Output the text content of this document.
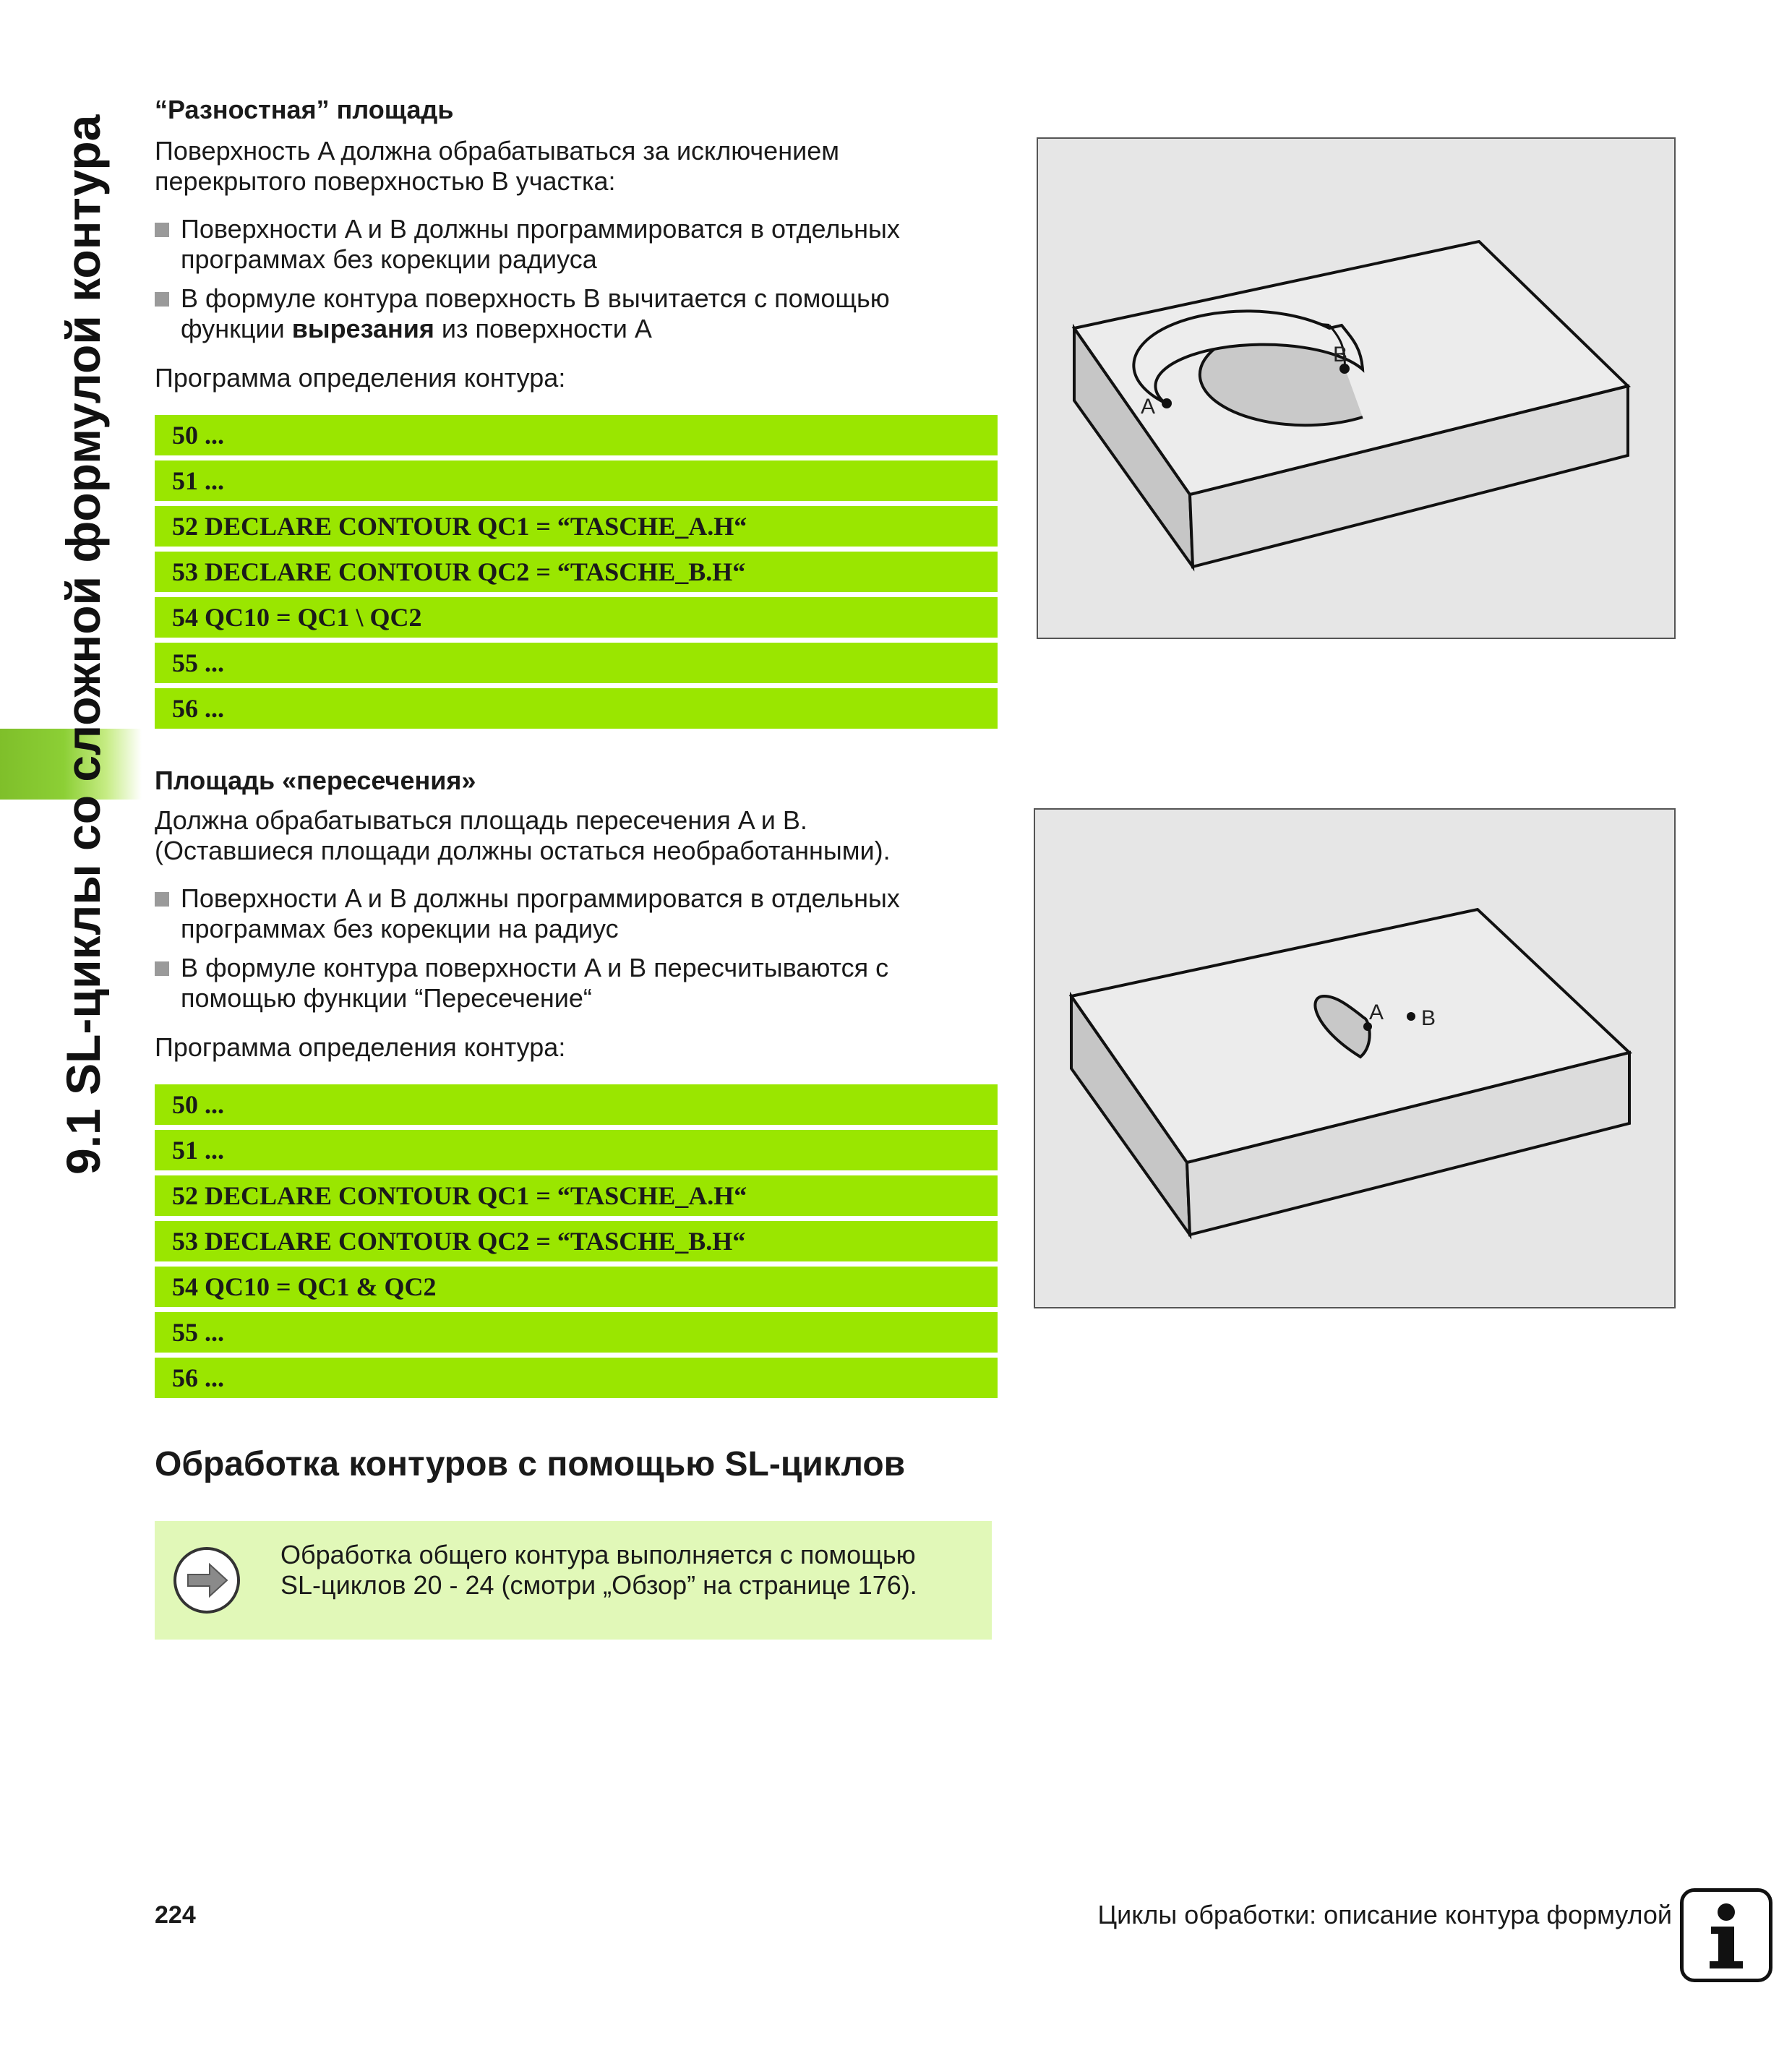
9.1 SL-циклы со сложной формулой контура
“Разностная” площадь
Поверхность A должна обрабатываться за исключением
перекрытого поверхностью B участка:
Поверхности A и B должны программироватся в отдельных
программах без корекции радиуса
В формуле контура поверхность B вычитается с помощью
функции вырезания из поверхности A
Программа определения контура:
50 ...
51 ...
52 DECLARE CONTOUR QC1 = “TASCHE_A.H“
53 DECLARE CONTOUR QC2 = “TASCHE_B.H“
54 QC10 = QC1 \ QC2
55 ...
56 ...
A
B
Площадь «пересечения»
Должна обрабатываться площадь пересечения A и B.
(Оставшиеся площади должны остаться необработанными).
Поверхности A и B должны программироватся в отдельных
программах без корекции на радиус
В формуле контура поверхности A и B пересчитываются с
помощью функции “Пересечение“
Программа определения контура:
50 ...
51 ...
52 DECLARE CONTOUR QC1 = “TASCHE_A.H“
53 DECLARE CONTOUR QC2 = “TASCHE_B.H“
54 QC10 = QC1 & QC2
55 ...
56 ...
A B
Обработка контуров с помощью SL-циклов
Обработка общего контура выполняется с помощью
SL-циклов 20 - 24 (смотри „Обзор” на странице 176).
224	Циклы обработки: описание контура формулой
